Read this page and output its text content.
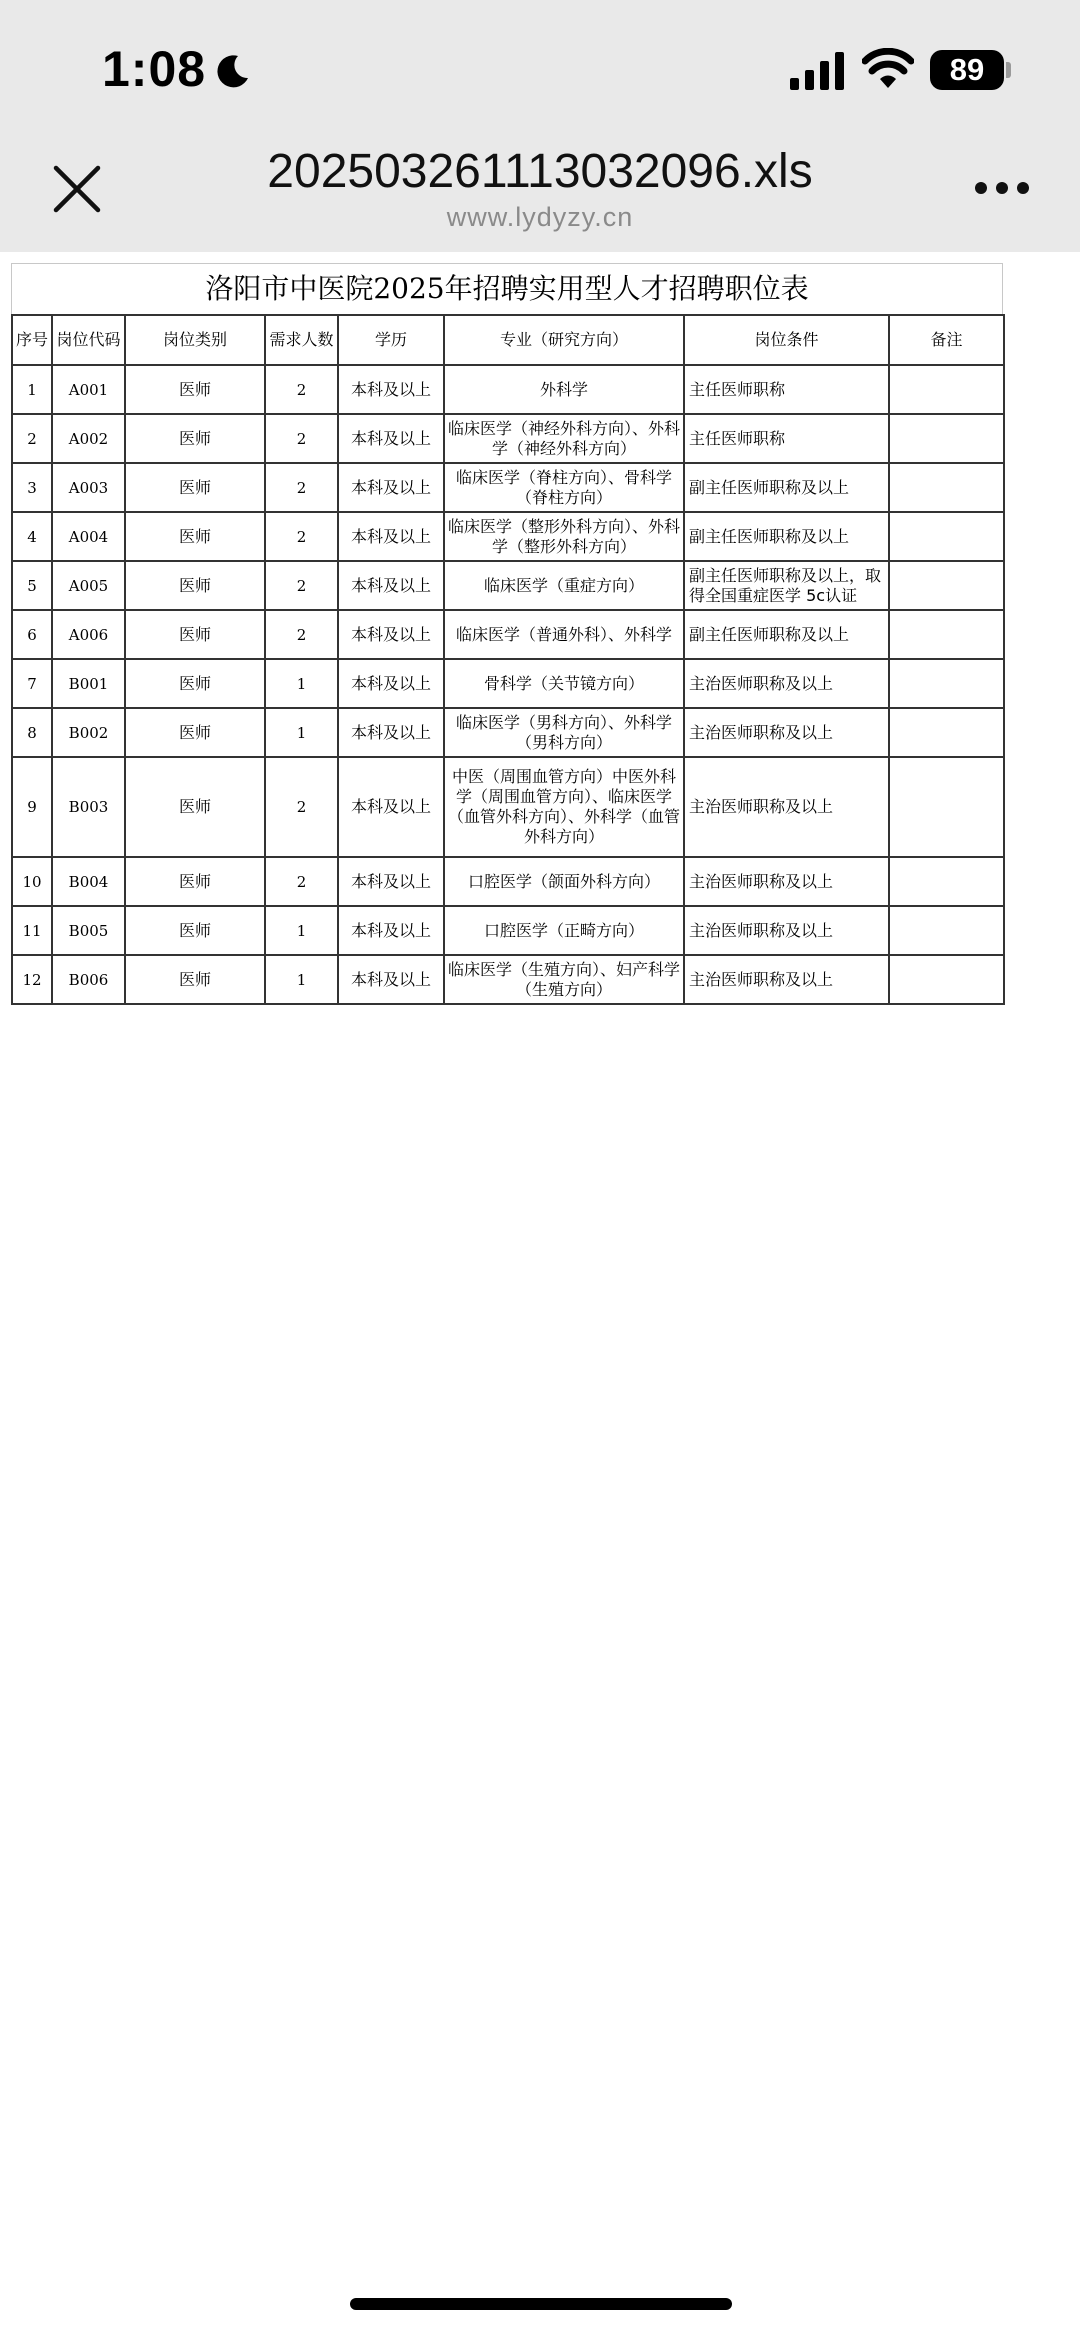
1:08	89
202503261113032096.xls
www.lydyzy.cn
洛阳市中医院2025年招聘实用型人才招聘职位表
序号	岗位代码	岗位类别	需求人数	学历	专业（研究方向）	岗位条件	备注
1	A001	医师	2	本科及以上	外科学	主任医师职称	
2	A002	医师	2	本科及以上	临床医学（神经外科方向）、外科学（神经外科方向）	主任医师职称	
3	A003	医师	2	本科及以上	临床医学（脊柱方向）、骨科学（脊柱方向）	副主任医师职称及以上	
4	A004	医师	2	本科及以上	临床医学（整形外科方向）、外科学（整形外科方向）	副主任医师职称及以上	
5	A005	医师	2	本科及以上	临床医学（重症方向）	副主任医师职称及以上，取得全国重症医学 5c认证	
6	A006	医师	2	本科及以上	临床医学（普通外科）、外科学	副主任医师职称及以上	
7	B001	医师	1	本科及以上	骨科学（关节镜方向）	主治医师职称及以上	
8	B002	医师	1	本科及以上	临床医学（男科方向）、外科学（男科方向）	主治医师职称及以上	
9	B003	医师	2	本科及以上	中医（周围血管方向）中医外科学（周围血管方向）、临床医学（血管外科方向）、外科学（血管外科方向）	主治医师职称及以上	
10	B004	医师	2	本科及以上	口腔医学（颌面外科方向）	主治医师职称及以上	
11	B005	医师	1	本科及以上	口腔医学（正畸方向）	主治医师职称及以上	
12	B006	医师	1	本科及以上	临床医学（生殖方向）、妇产科学（生殖方向）	主治医师职称及以上	
